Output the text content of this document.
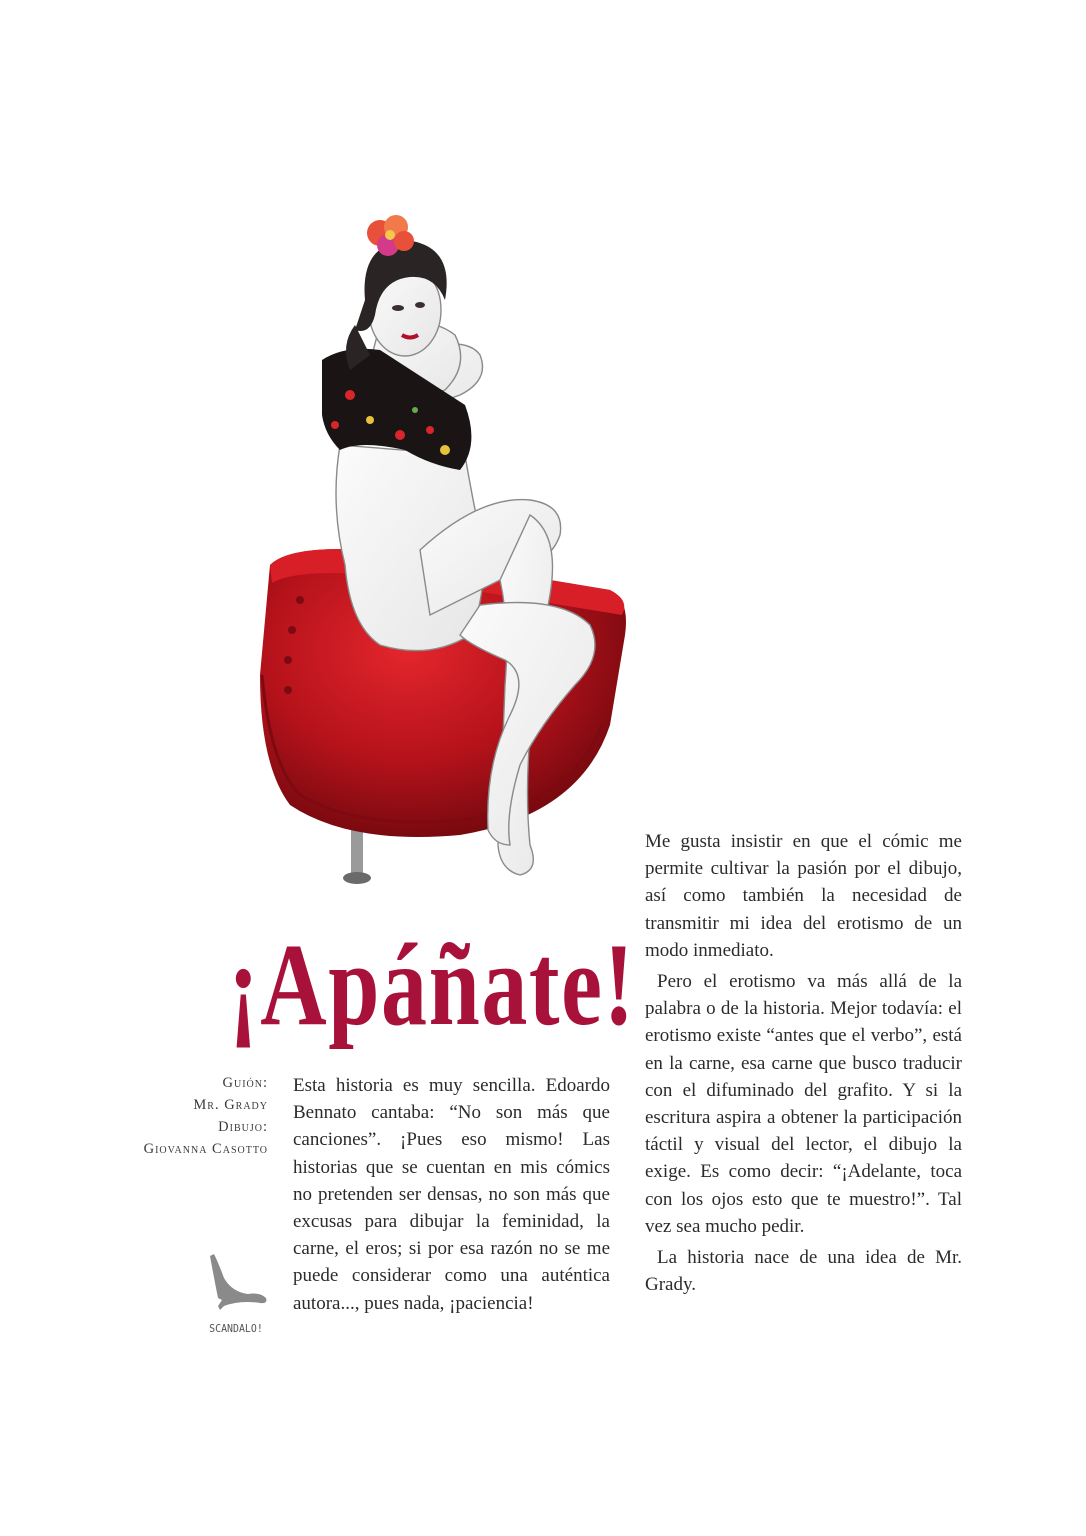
¡Apáñate!
Guión:
Mr. Grady
Dibujo:
Giovanna Casotto
SCANDALO!

Esta historia es muy sencilla. Edoardo Bennato cantaba: “No son más que canciones”. ¡Pues eso mismo! Las historias que se cuentan en mis cómics no pretenden ser densas, no son más que excusas para dibujar la feminidad, la carne, el eros; si por esa razón no se me puede considerar como una auténtica autora..., pues nada, ¡paciencia!

Me gusta insistir en que el cómic me permite cultivar la pasión por el dibujo, así como también la necesidad de transmitir mi idea del erotismo de un modo inmediato.

Pero el erotismo va más allá de la palabra o de la historia. Mejor todavía: el erotismo existe “antes que el verbo”, está en la carne, esa carne que busco traducir con el difuminado del grafito. Y si la escritura aspira a obtener la participación táctil y visual del lector, el dibujo la exige. Es como decir: “¡Adelante, toca con los ojos esto que te muestro!”. Tal vez sea mucho pedir.

La historia nace de una idea de Mr. Grady.
